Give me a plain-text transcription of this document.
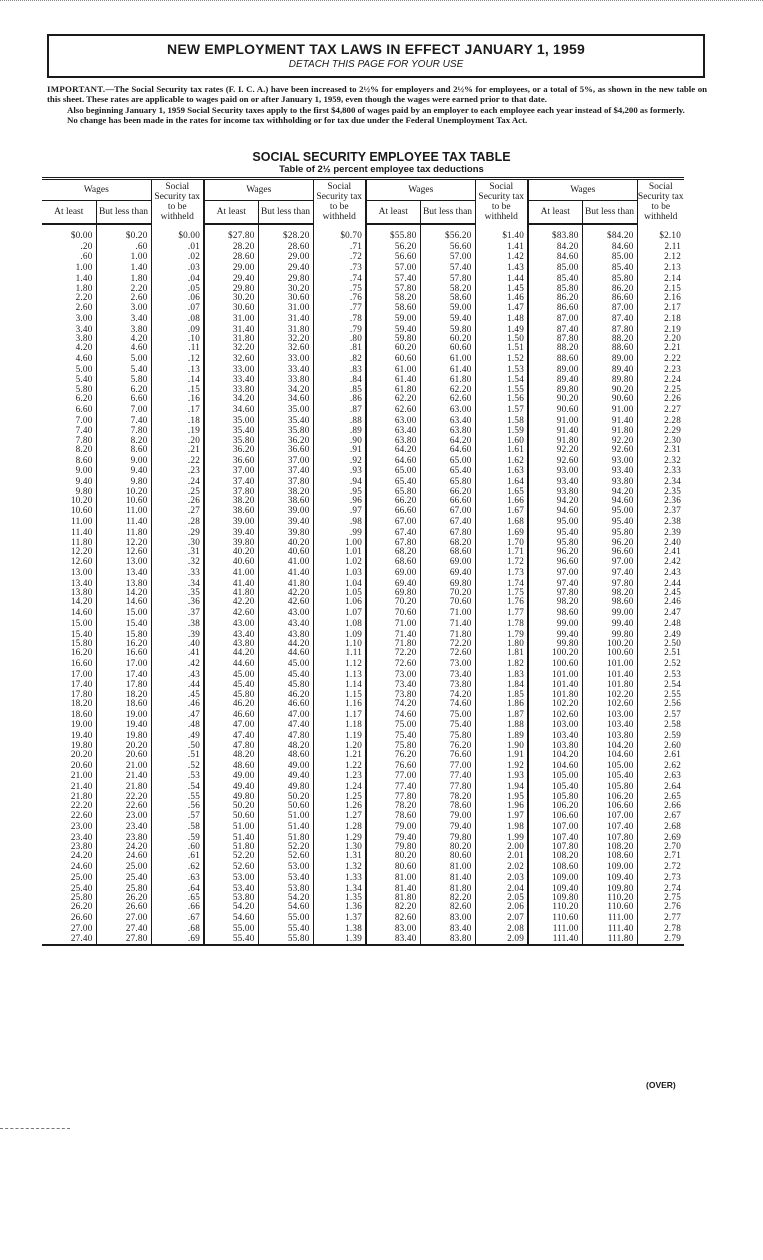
NEW EMPLOYMENT TAX LAWS IN EFFECT JANUARY 1, 1959
DETACH THIS PAGE FOR YOUR USE

IMPORTANT.—The Social Security tax rates (F. I. C. A.) have been increased to 2½% for employers and 2½% for employees, or a total of 5%, as shown in the new table on this sheet. These rates are applicable to wages paid on or after January 1, 1959, even though the wages were earned prior to that date.

Also beginning January 1, 1959 Social Security taxes apply to the first $4,800 of wages paid by an employer to each employee each year instead of $4,200 as formerly.

No change has been made in the rates for income tax withholding or for tax due under the Federal Unemployment Tax Act.

SOCIAL SECURITY EMPLOYEE TAX TABLE
Table of 2½ percent employee tax deductions
Wages		Social Security tax to be withheld	Wages		Social Security tax to be withheld	Wages		Social Security tax to be withheld	Wages		Social Security tax to be withheld
At least	But less than		At least	But less than		At least	But less than		At least	But less than	

$0.00	$0.20	$0.00	$27.80	$28.20	$0.70	$55.80	$56.20	$1.40	$83.80	$84.20	$2.10
.20	.60	.01	28.20	28.60	.71	56.20	56.60	1.41	84.20	84.60	2.11
.60	1.00	.02	28.60	29.00	.72	56.60	57.00	1.42	84.60	85.00	2.12
1.00	1.40	.03	29.00	29.40	.73	57.00	57.40	1.43	85.00	85.40	2.13
1.40	1.80	.04	29.40	29.80	.74	57.40	57.80	1.44	85.40	85.80	2.14
1.80	2.20	.05	29.80	30.20	.75	57.80	58.20	1.45	85.80	86.20	2.15
2.20	2.60	.06	30.20	30.60	.76	58.20	58.60	1.46	86.20	86.60	2.16
2.60	3.00	.07	30.60	31.00	.77	58.60	59.00	1.47	86.60	87.00	2.17
3.00	3.40	.08	31.00	31.40	.78	59.00	59.40	1.48	87.00	87.40	2.18
3.40	3.80	.09	31.40	31.80	.79	59.40	59.80	1.49	87.40	87.80	2.19
3.80	4.20	.10	31.80	32.20	.80	59.80	60.20	1.50	87.80	88.20	2.20
4.20	4.60	.11	32.20	32.60	.81	60.20	60.60	1.51	88.20	88.60	2.21
4.60	5.00	.12	32.60	33.00	.82	60.60	61.00	1.52	88.60	89.00	2.22
5.00	5.40	.13	33.00	33.40	.83	61.00	61.40	1.53	89.00	89.40	2.23
5.40	5.80	.14	33.40	33.80	.84	61.40	61.80	1.54	89.40	89.80	2.24
5.80	6.20	.15	33.80	34.20	.85	61.80	62.20	1.55	89.80	90.20	2.25
6.20	6.60	.16	34.20	34.60	.86	62.20	62.60	1.56	90.20	90.60	2.26
6.60	7.00	.17	34.60	35.00	.87	62.60	63.00	1.57	90.60	91.00	2.27
7.00	7.40	.18	35.00	35.40	.88	63.00	63.40	1.58	91.00	91.40	2.28
7.40	7.80	.19	35.40	35.80	.89	63.40	63.80	1.59	91.40	91.80	2.29
7.80	8.20	.20	35.80	36.20	.90	63.80	64.20	1.60	91.80	92.20	2.30
8.20	8.60	.21	36.20	36.60	.91	64.20	64.60	1.61	92.20	92.60	2.31
8.60	9.00	.22	36.60	37.00	.92	64.60	65.00	1.62	92.60	93.00	2.32
9.00	9.40	.23	37.00	37.40	.93	65.00	65.40	1.63	93.00	93.40	2.33
9.40	9.80	.24	37.40	37.80	.94	65.40	65.80	1.64	93.40	93.80	2.34
9.80	10.20	.25	37.80	38.20	.95	65.80	66.20	1.65	93.80	94.20	2.35
10.20	10.60	.26	38.20	38.60	.96	66.20	66.60	1.66	94.20	94.60	2.36
10.60	11.00	.27	38.60	39.00	.97	66.60	67.00	1.67	94.60	95.00	2.37
11.00	11.40	.28	39.00	39.40	.98	67.00	67.40	1.68	95.00	95.40	2.38
11.40	11.80	.29	39.40	39.80	.99	67.40	67.80	1.69	95.40	95.80	2.39
11.80	12.20	.30	39.80	40.20	1.00	67.80	68.20	1.70	95.80	96.20	2.40
12.20	12.60	.31	40.20	40.60	1.01	68.20	68.60	1.71	96.20	96.60	2.41
12.60	13.00	.32	40.60	41.00	1.02	68.60	69.00	1.72	96.60	97.00	2.42
13.00	13.40	.33	41.00	41.40	1.03	69.00	69.40	1.73	97.00	97.40	2.43
13.40	13.80	.34	41.40	41.80	1.04	69.40	69.80	1.74	97.40	97.80	2.44
13.80	14.20	.35	41.80	42.20	1.05	69.80	70.20	1.75	97.80	98.20	2.45
14.20	14.60	.36	42.20	42.60	1.06	70.20	70.60	1.76	98.20	98.60	2.46
14.60	15.00	.37	42.60	43.00	1.07	70.60	71.00	1.77	98.60	99.00	2.47
15.00	15.40	.38	43.00	43.40	1.08	71.00	71.40	1.78	99.00	99.40	2.48
15.40	15.80	.39	43.40	43.80	1.09	71.40	71.80	1.79	99.40	99.80	2.49
15.80	16.20	.40	43.80	44.20	1.10	71.80	72.20	1.80	99.80	100.20	2.50
16.20	16.60	.41	44.20	44.60	1.11	72.20	72.60	1.81	100.20	100.60	2.51
16.60	17.00	.42	44.60	45.00	1.12	72.60	73.00	1.82	100.60	101.00	2.52
17.00	17.40	.43	45.00	45.40	1.13	73.00	73.40	1.83	101.00	101.40	2.53
17.40	17.80	.44	45.40	45.80	1.14	73.40	73.80	1.84	101.40	101.80	2.54
17.80	18.20	.45	45.80	46.20	1.15	73.80	74.20	1.85	101.80	102.20	2.55
18.20	18.60	.46	46.20	46.60	1.16	74.20	74.60	1.86	102.20	102.60	2.56
18.60	19.00	.47	46.60	47.00	1.17	74.60	75.00	1.87	102.60	103.00	2.57
19.00	19.40	.48	47.00	47.40	1.18	75.00	75.40	1.88	103.00	103.40	2.58
19.40	19.80	.49	47.40	47.80	1.19	75.40	75.80	1.89	103.40	103.80	2.59
19.80	20.20	.50	47.80	48.20	1.20	75.80	76.20	1.90	103.80	104.20	2.60
20.20	20.60	.51	48.20	48.60	1.21	76.20	76.60	1.91	104.20	104.60	2.61
20.60	21.00	.52	48.60	49.00	1.22	76.60	77.00	1.92	104.60	105.00	2.62
21.00	21.40	.53	49.00	49.40	1.23	77.00	77.40	1.93	105.00	105.40	2.63
21.40	21.80	.54	49.40	49.80	1.24	77.40	77.80	1.94	105.40	105.80	2.64
21.80	22.20	.55	49.80	50.20	1.25	77.80	78.20	1.95	105.80	106.20	2.65
22.20	22.60	.56	50.20	50.60	1.26	78.20	78.60	1.96	106.20	106.60	2.66
22.60	23.00	.57	50.60	51.00	1.27	78.60	79.00	1.97	106.60	107.00	2.67
23.00	23.40	.58	51.00	51.40	1.28	79.00	79.40	1.98	107.00	107.40	2.68
23.40	23.80	.59	51.40	51.80	1.29	79.40	79.80	1.99	107.40	107.80	2.69
23.80	24.20	.60	51.80	52.20	1.30	79.80	80.20	2.00	107.80	108.20	2.70
24.20	24.60	.61	52.20	52.60	1.31	80.20	80.60	2.01	108.20	108.60	2.71
24.60	25.00	.62	52.60	53.00	1.32	80.60	81.00	2.02	108.60	109.00	2.72
25.00	25.40	.63	53.00	53.40	1.33	81.00	81.40	2.03	109.00	109.40	2.73
25.40	25.80	.64	53.40	53.80	1.34	81.40	81.80	2.04	109.40	109.80	2.74
25.80	26.20	.65	53.80	54.20	1.35	81.80	82.20	2.05	109.80	110.20	2.75
26.20	26.60	.66	54.20	54.60	1.36	82.20	82.60	2.06	110.20	110.60	2.76
26.60	27.00	.67	54.60	55.00	1.37	82.60	83.00	2.07	110.60	111.00	2.77
27.00	27.40	.68	55.00	55.40	1.38	83.00	83.40	2.08	111.00	111.40	2.78
27.40	27.80	.69	55.40	55.80	1.39	83.40	83.80	2.09	111.40	111.80	2.79
(OVER)
